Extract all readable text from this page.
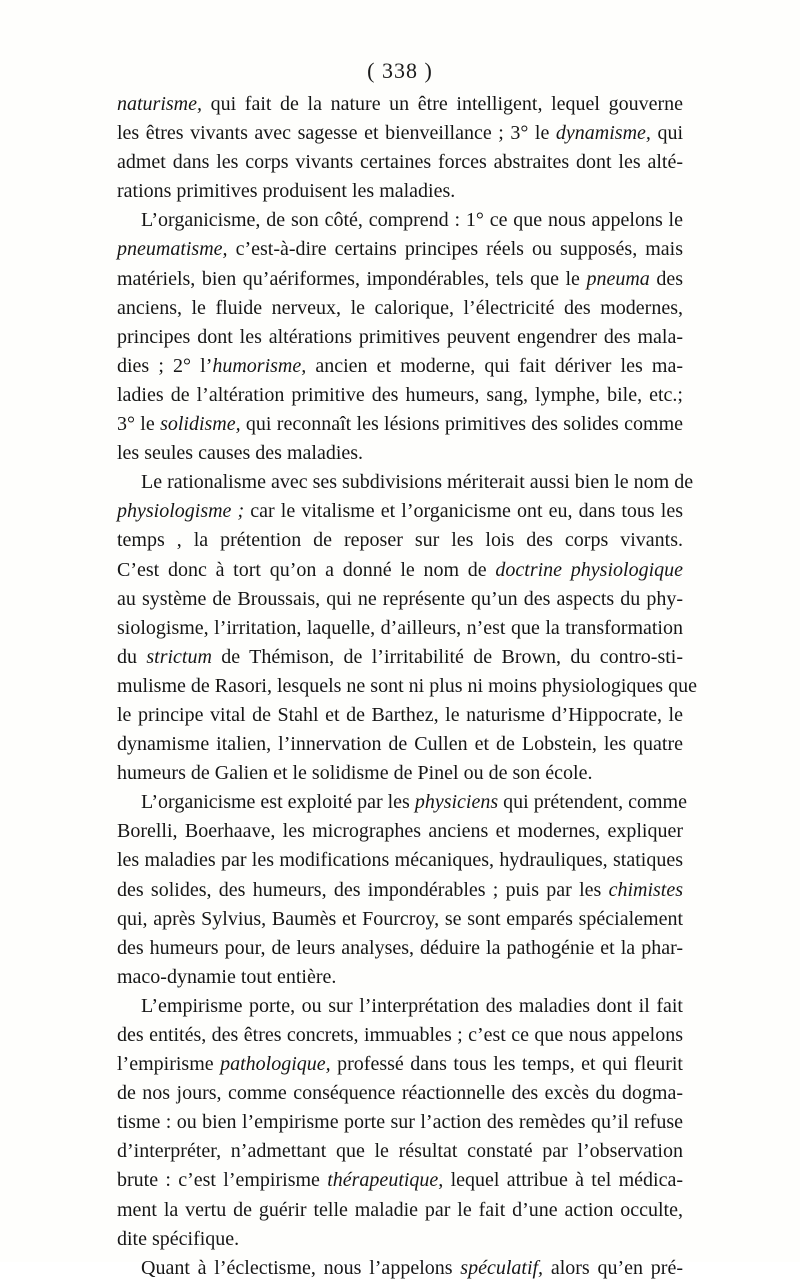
( 338 )
naturisme, qui fait de la nature un être intelligent, lequel gouverne
les êtres vivants avec sagesse et bienveillance ; 3° le dynamisme, qui
admet dans les corps vivants certaines forces abstraites dont les alté-
rations primitives produisent les maladies.
L’organicisme, de son côté, comprend : 1° ce que nous appelons le
pneumatisme, c’est-à-dire certains principes réels ou supposés, mais
matériels, bien qu’aériformes, impondérables, tels que le pneuma des
anciens, le fluide nerveux, le calorique, l’électricité des modernes,
principes dont les altérations primitives peuvent engendrer des mala-
dies ; 2° l’humorisme, ancien et moderne, qui fait dériver les ma-
ladies de l’altération primitive des humeurs, sang, lymphe, bile, etc.;
3° le solidisme, qui reconnaît les lésions primitives des solides comme
les seules causes des maladies.
Le rationalisme avec ses subdivisions mériterait aussi bien le nom de
physiologisme ; car le vitalisme et l’organicisme ont eu, dans tous les
temps , la prétention de reposer sur les lois des corps vivants.
C’est donc à tort qu’on a donné le nom de doctrine physiologique
au système de Broussais, qui ne représente qu’un des aspects du phy-
siologisme, l’irritation, laquelle, d’ailleurs, n’est que la transformation
du strictum de Thémison, de l’irritabilité de Brown, du contro-sti-
mulisme de Rasori, lesquels ne sont ni plus ni moins physiologiques que
le principe vital de Stahl et de Barthez, le naturisme d’Hippocrate, le
dynamisme italien, l’innervation de Cullen et de Lobstein, les quatre
humeurs de Galien et le solidisme de Pinel ou de son école.
L’organicisme est exploité par les physiciens qui prétendent, comme
Borelli, Boerhaave, les micrographes anciens et modernes, expliquer
les maladies par les modifications mécaniques, hydrauliques, statiques
des solides, des humeurs, des impondérables ; puis par les chimistes
qui, après Sylvius, Baumès et Fourcroy, se sont emparés spécialement
des humeurs pour, de leurs analyses, déduire la pathogénie et la phar-
maco-dynamie tout entière.
L’empirisme porte, ou sur l’interprétation des maladies dont il fait
des entités, des êtres concrets, immuables ; c’est ce que nous appelons
l’empirisme pathologique, professé dans tous les temps, et qui fleurit
de nos jours, comme conséquence réactionnelle des excès du dogma-
tisme : ou bien l’empirisme porte sur l’action des remèdes qu’il refuse
d’interpréter, n’admettant que le résultat constaté par l’observation
brute : c’est l’empirisme thérapeutique, lequel attribue à tel médica-
ment la vertu de guérir telle maladie par le fait d’une action occulte,
dite spécifique.
Quant à l’éclectisme, nous l’appelons spéculatif, alors qu’en pré-
